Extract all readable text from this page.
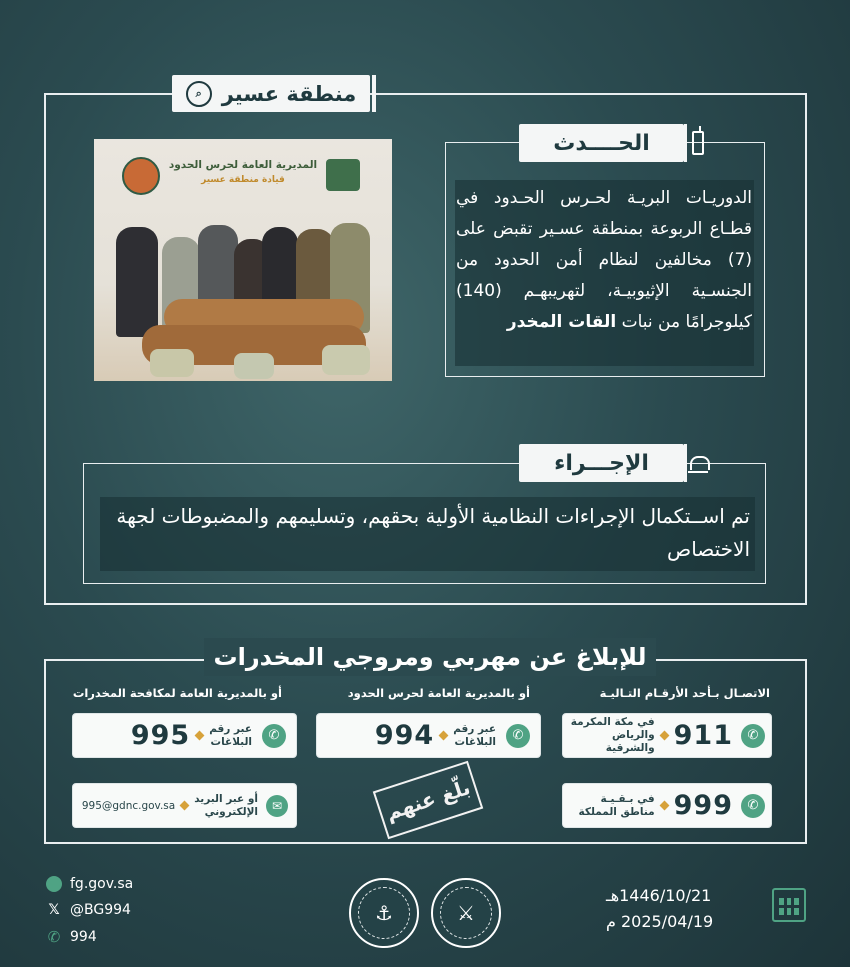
منطقة عسير
⌕
الحــــدث
الدوريـات البريـة لحـرس الحـدود في قطـاع الربوعة بمنطقة عسـير تقبض على (7) مخالفين لنظام أمن الحدود من الجنسـية الإثيوبيـة، لتهريبهـم (140) كيلوجرامًا من نبات القات المخدر
المديرية العامة لحرس الحدود
قيادة منطقة عسير
الإجـــراء
تم اســتكمال الإجراءات النظامية الأولية بحقهم، وتسليمهم والمضبوطات لجهة الاختصاص
للإبلاغ عن مهربي ومروجي المخدرات
الاتصـال بـأحد الأرقـام التـاليـة
أو بالمديرية العامة لحرس الحدود
أو بالمديرية العامة لمكافحة المخدرات
✆
911
في مكة المكرمة
والرياض والشرقية
✆
999
في بـقـيـة
مناطق المملكة
✆
عبر رقم
البلاغات
994
✆
عبر رقم
البلاغات
995
✉
أو عبر البريد
الإلكتروني
995@gdnc.gov.sa	بلّغ عنهم
fg.gov.sa
𝕏 @BG994
✆ 994
⚓	⚔
1446/10/21هـ
2025/04/19 م
